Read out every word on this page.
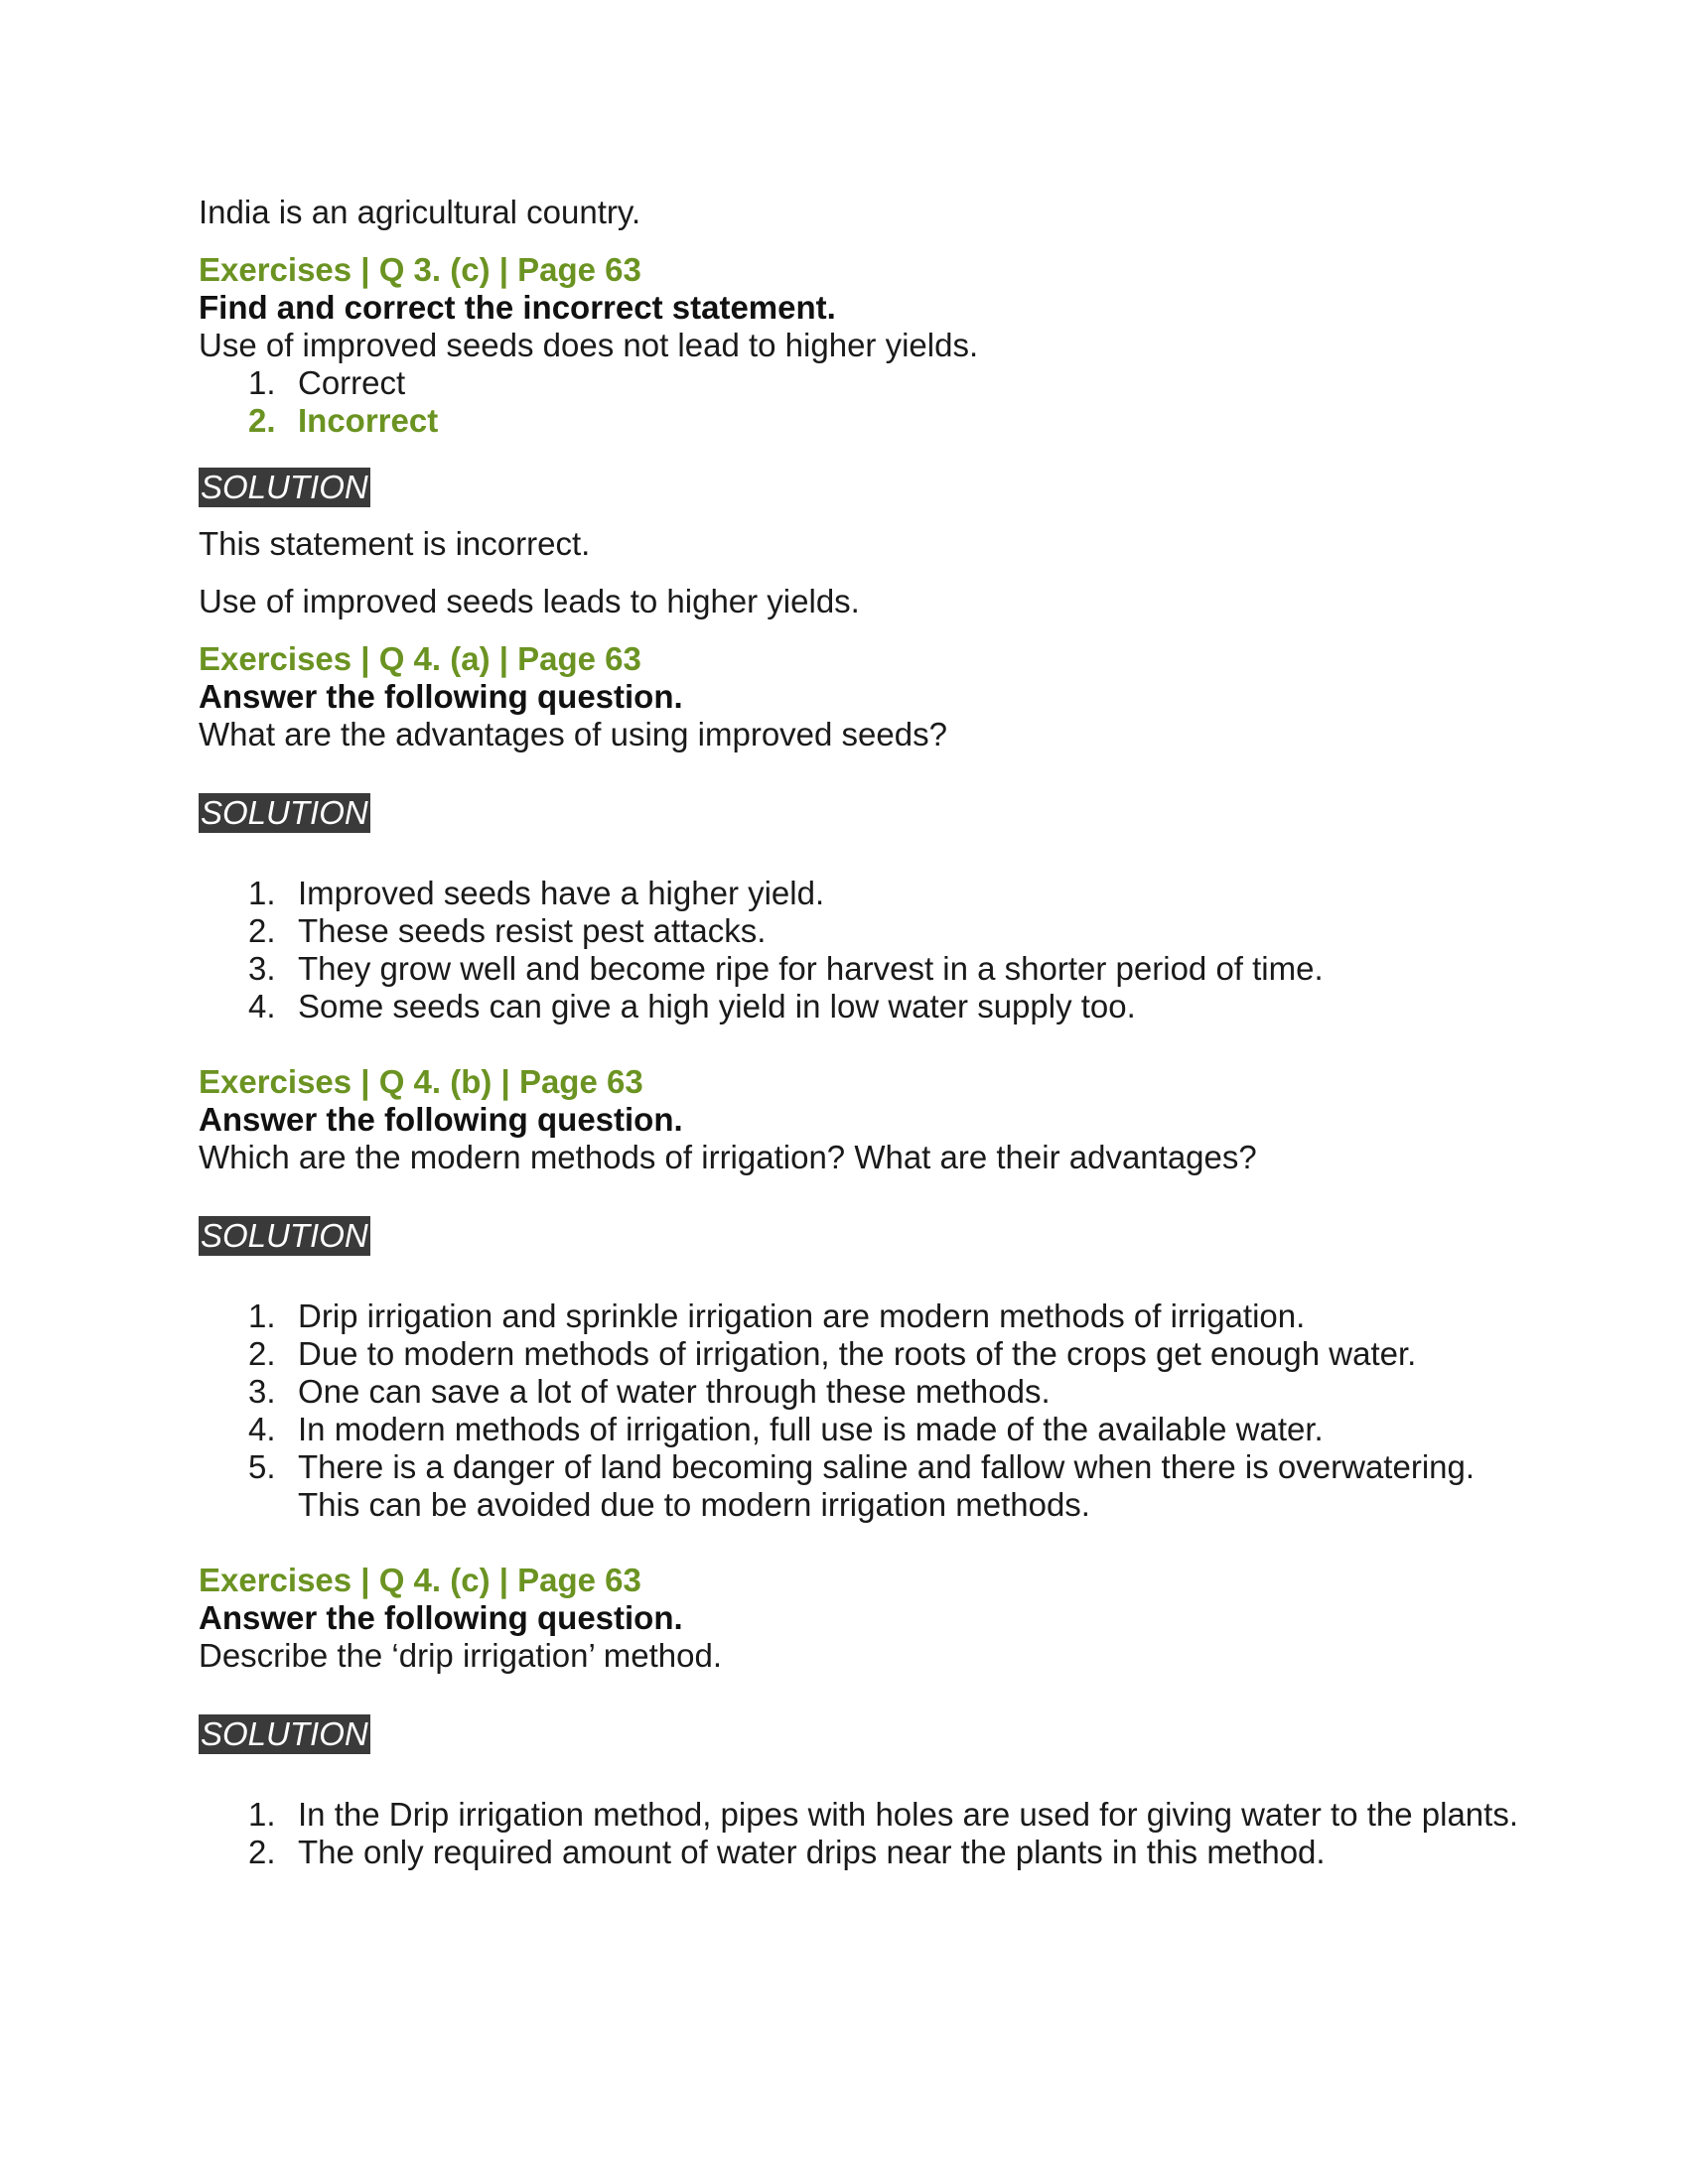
India is an agricultural country.

Exercises | Q 3. (c) | Page 63

Find and correct the incorrect statement.

Use of improved seeds does not lead to higher yields.

1. Correct
2. Incorrect
SOLUTION

This statement is incorrect.

Use of improved seeds leads to higher yields.

Exercises | Q 4. (a) | Page 63

Answer the following question.

What are the advantages of using improved seeds?

SOLUTION
1. Improved seeds have a higher yield.
2. These seeds resist pest attacks.
3. They grow well and become ripe for harvest in a shorter period of time.
4. Some seeds can give a high yield in low water supply too.

Exercises | Q 4. (b) | Page 63

Answer the following question.

Which are the modern methods of irrigation? What are their advantages?

SOLUTION
1. Drip irrigation and sprinkle irrigation are modern methods of irrigation.
2. Due to modern methods of irrigation, the roots of the crops get enough water.
3. One can save a lot of water through these methods.
4. In modern methods of irrigation, full use is made of the available water.
5. There is a danger of land becoming saline and fallow when there is overwatering. This can be avoided due to modern irrigation methods.

Exercises | Q 4. (c) | Page 63

Answer the following question.

Describe the ‘drip irrigation’ method.

SOLUTION
1. In the Drip irrigation method, pipes with holes are used for giving water to the plants.
2. The only required amount of water drips near the plants in this method.
